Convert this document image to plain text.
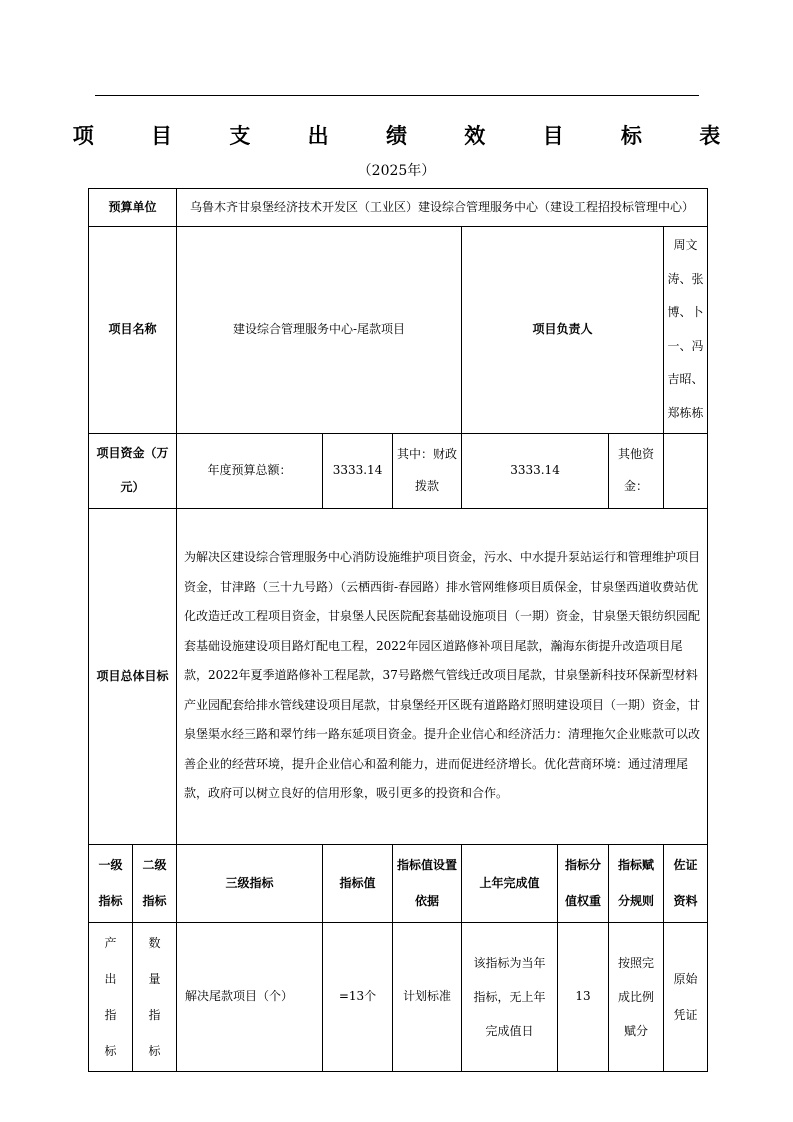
项 目 支 出 绩 效 目 标 表
（2025年）
预算单位		乌鲁木齐甘泉堡经济技术开发区（工业区）建设综合管理服务中心（建设工程招投标管理中心）						
项目名称		建设综合管理服务中心-尾款项目			项目负责人			周文涛、张博、卜一、冯吉昭、郑栋栋
项目资金（万元）		年度预算总额：	3333.14	其中：财政拨款	3333.14		其他资金：	
项目总体目标		为解决区建设综合管理服务中心消防设施维护项目资金，污水、中水提升泵站运行和管理维护项目资金，甘津路（三十九号路）（云栖西街-春园路）排水管网维修项目质保金，甘泉堡西道收费站优化改造迁改工程项目资金，甘泉堡人民医院配套基础设施项目（一期）资金，甘泉堡天银纺织园配套基础设施建设项目路灯配电工程，2022年园区道路修补项目尾款，瀚海东街提升改造项目尾款，2022年夏季道路修补工程尾款，37号路燃气管线迁改项目尾款，甘泉堡新科技环保新型材料产业园配套给排水管线建设项目尾款，甘泉堡经开区既有道路路灯照明建设项目（一期）资金，甘泉堡渠水经三路和翠竹纬一路东延项目资金。提升企业信心和经济活力：清理拖欠企业账款可以改善企业的经营环境，提升企业信心和盈利能力，进而促进经济增长。优化营商环境：通过清理尾款，政府可以树立良好的信用形象，吸引更多的投资和合作。						
一级指标	二级指标	三级指标	指标值	指标值设置依据	上年完成值	指标分值权重	指标赋分规则	佐证资料
产出指标	数量指标	解决尾款项目（个）	=13个	计划标准	该指标为当年指标，无上年完成值日	13	按照完成比例赋分	原始凭证
